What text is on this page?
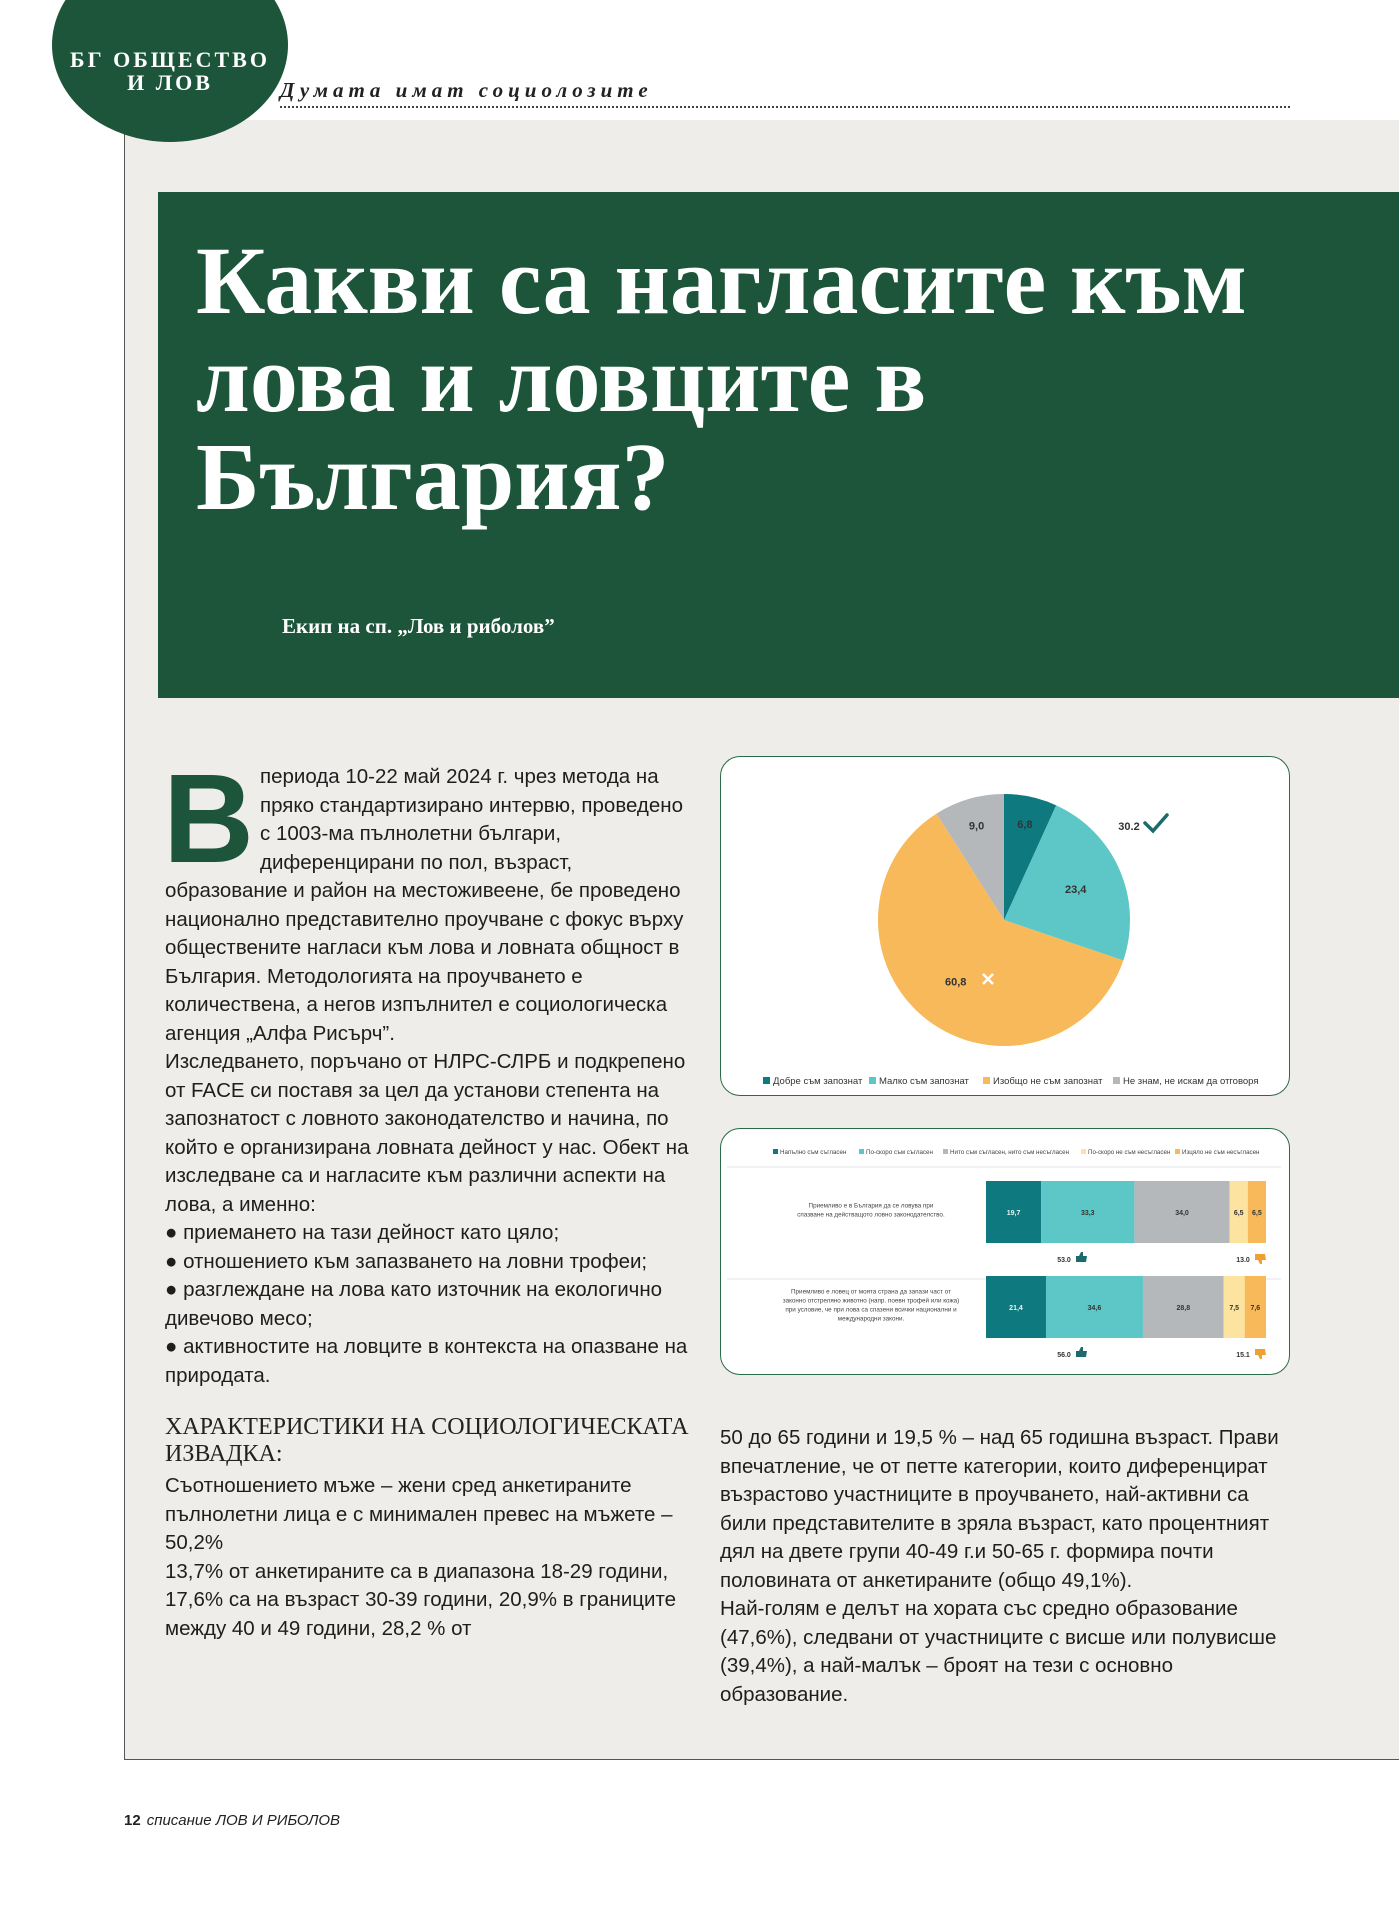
БГ ОБЩЕСТВО
И ЛОВ	Думата имат социолозите
Какви са нагласите към лова и ловците в България?
Екип на сп. „Лов и риболов”

Впериода 10-22 май 2024 г. чрез метода на пряко стандартизирано интервю, проведено с 1003-ма пълнолетни българи, диференцирани по пол, възраст, образование и район на местоживеене, бе проведено национално представително проучване с фокус върху обществените нагласи към лова и ловната общност в България. Методологията на проучването е количествена, а негов изпълнител е социологическа агенция „Алфа Рисърч”.

Изследването, поръчано от НЛРС-СЛРБ и подкрепено от FACE си поставя за цел да установи степента на запознатост с ловното законодателство и начина, по който е организирана ловната дейност у нас. Обект на изследване са и нагласите към различни аспекти на лова, а именно:

● приемането на тази дейност като цяло;
● отношението към запазването на ловни трофеи;
● разглеждане на лова като източник на екологично дивечово месо;
● активностите на ловците в контекста на опазване на природата.

ХАРАКТЕРИСТИКИ НА СОЦИОЛОГИЧЕСКАТА ИЗВАДКА:

Съотношението мъже – жени сред анкетираните пълнолетни лица е с минимален превес на мъжете – 50,2%

13,7% от анкетираните са в диапазона 18-29 години, 17,6% са на възраст 30-39 години, 20,9% в границите между 40 и 49 години, 28,2 % от

6,8
23,4
60,8
9,0	30.2
Добре съм запознат Малко съм запознат	Изобщо не съм запознат Не знам, не искам да отговоря
Напълно съм съгласен	По-скоро съм съгласен	Нито съм съгласен, нито съм несъгласен	По-скоро не съм несъгласен Изцяло не съм несъгласен
Приемливо е в България да се ловува при
спазване на действащото ловно законодателство.	19,7	33,3	34,0	6,5 6,5
53.0	13.0
Приемливо е ловец от моята страна да запази част от
законно отстреляно животно (напр. поевн трофей или кожа)
при условие, че при лова са спазени всички национални и
международни закони.
21,4	34,6	28,8	7,5 7,6
56.0	15.1

50 до 65 години и 19,5 % – над 65 годишна възраст. Прави впечатление, че от петте категории, които диференцират възрастово участниците в проучването, най-активни са били представителите в зряла възраст, като процентният дял на двете групи 40-49 г.и 50-65 г. формира почти половината от анкетираните (общо 49,1%).

Най-голям е делът на хората със средно образование (47,6%), следвани от участниците с висше или полувисше (39,4%), а най-малък – броят на тези с основно образование.

12 списание ЛОВ И РИБОЛОВ
